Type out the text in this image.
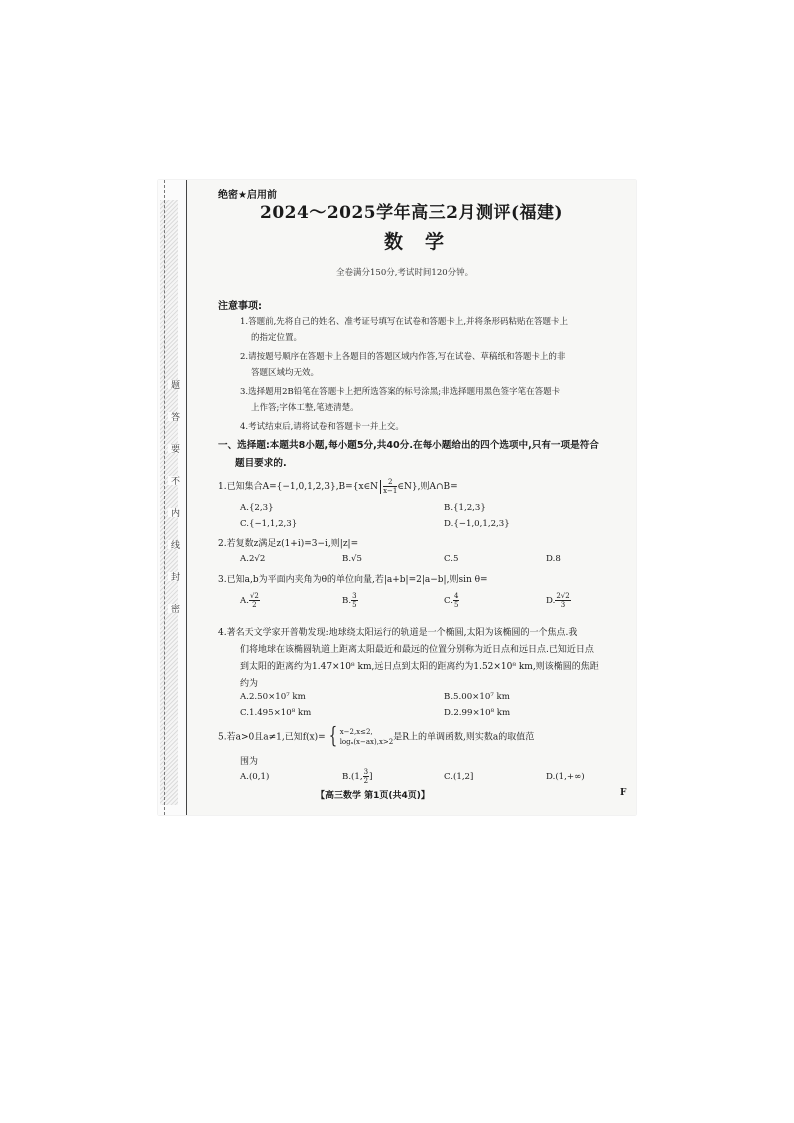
题
答
要
不
内
线
封
密
绝密★启用前
2024～2025学年高三2月测评(福建)
数学
全卷满分150分,考试时间120分钟。
注意事项:
1.答题前,先将自己的姓名、准考证号填写在试卷和答题卡上,并将条形码粘贴在答题卡上
的指定位置。
2.请按题号顺序在答题卡上各题目的答题区域内作答,写在试卷、草稿纸和答题卡上的非
答题区域均无效。
3.选择题用2B铅笔在答题卡上把所选答案的标号涂黑;非选择题用黑色签字笔在答题卡
上作答;字体工整,笔迹清楚。
4.考试结束后,请将试卷和答题卡一并上交。
一、选择题:本题共8小题,每小题5分,共40分.在每小题给出的四个选项中,只有一项是符合
题目要求的.
1.已知集合A={−1,0,1,2,3},B={x∈N $\frac{2}{x-1}$ ∈N},则A∩B=
A.{2,3}	B.{1,2,3}
C.{−1,1,2,3}	D.{−1,0,1,2,3}
2.若复数z满足z(1+i)=3−i,则|z|=
A.2√2	B.√5	C.5	D.8
3.已知a,b为平面内夹角为θ的单位向量,若|a+b|=2|a−b|,则sin θ=
A. $\frac{√2}{2}$	B. $\frac{3}{5}$	C. $\frac{4}{5}$	D. $\frac{2√2}{3}$
4.著名天文学家开普勒发现:地球绕太阳运行的轨道是一个椭圆,太阳为该椭圆的一个焦点.我
们将地球在该椭圆轨道上距离太阳最近和最远的位置分别称为近日点和远日点.已知近日点
到太阳的距离约为1.47×10⁸ km,远日点到太阳的距离约为1.52×10⁸ km,则该椭圆的焦距
约为
A.2.50×10⁷ km	B.5.00×10⁷ km
C.1.495×10⁸ km	D.2.99×10⁸ km
5.若a>0且a≠1,已知f(x)= { x−2,x≤2,
logₐ(x−ax),x>2 是R上的单调函数,则实数a的取值范
围为
A.(0,1)	B.(1, $\frac{3}{2}$ ]	C.(1,2]	D.(1,+∞)
【高三数学 第1页(共4页)】	F
